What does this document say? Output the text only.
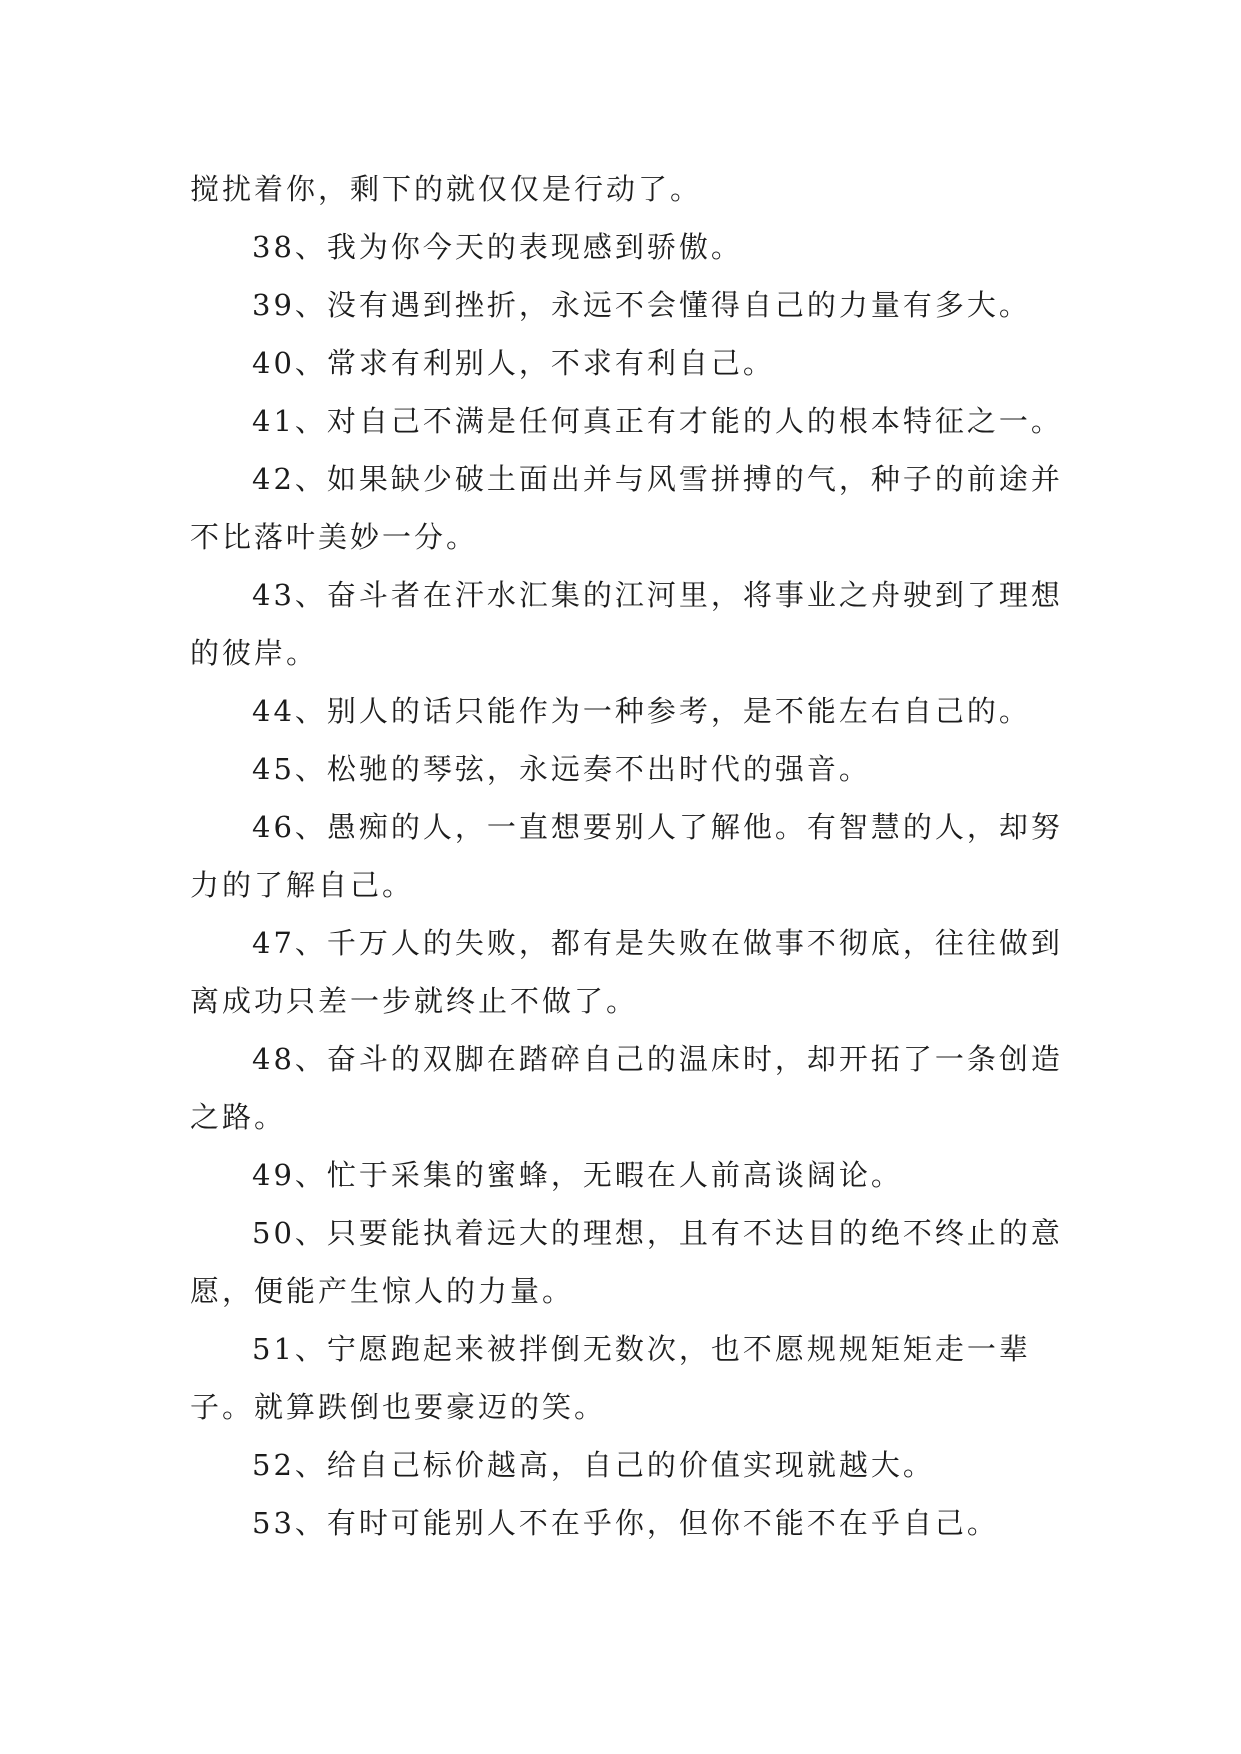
搅扰着你，剩下的就仅仅是行动了。

38、我为你今天的表现感到骄傲。

39、没有遇到挫折，永远不会懂得自己的力量有多大。

40、常求有利别人，不求有利自己。

41、对自己不满是任何真正有才能的人的根本特征之一。

42、如果缺少破土面出并与风雪拼搏的气，种子的前途并不比落叶美妙一分。

43、奋斗者在汗水汇集的江河里，将事业之舟驶到了理想的彼岸。

44、别人的话只能作为一种参考，是不能左右自己的。

45、松驰的琴弦，永远奏不出时代的强音。

46、愚痴的人，一直想要别人了解他。有智慧的人，却努力的了解自己。

47、千万人的失败，都有是失败在做事不彻底，往往做到离成功只差一步就终止不做了。

48、奋斗的双脚在踏碎自己的温床时，却开拓了一条创造之路。

49、忙于采集的蜜蜂，无暇在人前高谈阔论。

50、只要能执着远大的理想，且有不达目的绝不终止的意愿，便能产生惊人的力量。

51、宁愿跑起来被拌倒无数次，也不愿规规矩矩走一辈子。就算跌倒也要豪迈的笑。

52、给自己标价越高，自己的价值实现就越大。

53、有时可能别人不在乎你，但你不能不在乎自己。
